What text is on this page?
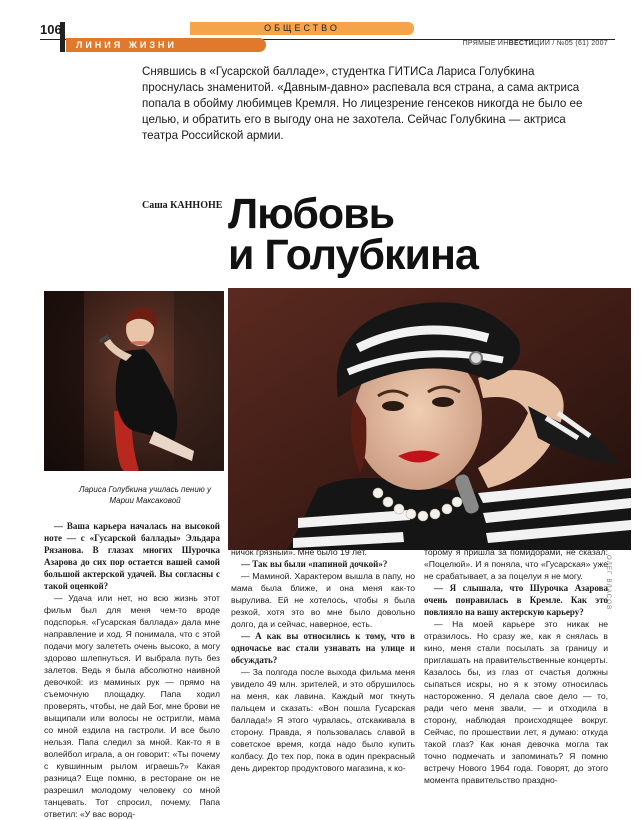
106	ОБЩЕСТВО
ЛИНИЯ ЖИЗНИ	ПРЯМЫЕ ИНВЕСТИЦИИ / №05 (61) 2007
Снявшись в «Гусарской балладе», студентка ГИТИСа Лариса Голубкина проснулась знаменитой. «Давным-давно» распевала вся страна, а сама актриса попала в обойму любимцев Кремля. Но лицезрение генсеков никогда не было ее целью, и обратить его в выгоду она не захотела. Сейчас Голубкина — актриса театра Российской армии.
Саша КАННОНЕ Любовь
и Голубкина
Лариса Голубкина училась пению у Марии Максаковой
ОЛЕГ ВЛАСОВ

— Ваша карьера началась на высокой ноте — с «Гусарской баллады» Эльдара Рязанова. В глазах многих Шурочка Азарова до сих пор остается вашей самой большой актерской удачей. Вы согласны с такой оценкой?

— Удача или нет, но всю жизнь этот фильм был для меня чем-то вроде подспорья. «Гусарская баллада» дала мне направление и ход. Я понимала, что с этой подачи могу залететь очень высоко, а могу здорово шлепнуться. И выбрала путь без залетов. Ведь я была абсолютно наивной девочкой: из маминых рук — прямо на съемочную площадку. Папа ходил проверять, чтобы, не дай Бог, мне брови не выщипали или волосы не остригли, мама со мной ездила на гастроли. И все было нельзя. Папа следил за мной. Как-то я в волейбол играла, а он говорит: «Ты почему с кувшинным рылом играешь?» Какая разница? Еще помню, в ресторане он не разрешил молодому человеку со мной танцевать. Тот спросил, почему. Папа ответил: «У вас вород-

ничок грязный». Мне было 19 лет.

— Так вы были «папиной дочкой»?

— Маминой. Характером вышла в папу, но мама была ближе, и она меня как-то вырулива. Ей не хотелось, чтобы я была резкой, хотя это во мне было довольно долго, да и сейчас, наверное, есть.

— А как вы относились к тому, что в одночасье вас стали узнавать на улице и обсуждать?

— За полгода после выхода фильма меня увидело 49 млн. зрителей, и это обрушилось на меня, как лавина. Каждый мог ткнуть пальцем и сказать: «Вон пошла Гусарская баллада!» Я этого чуралась, отскакивала в сторону. Правда, я пользовалась славой в советское время, когда надо было купить колбасу. До тех пор, пока в один прекрасный день директор продуктового магазина, к ко-

торому я пришла за помидорами, не сказал: «Поцелюй». И я поняла, что «Гусарская» уже не срабатывает, а за поцелуи я не могу.

— Я слышала, что Шурочка Азарова очень понравилась в Кремле. Как это повлияло на вашу актерскую карьеру?

— На моей карьере это никак не отразилось. Но сразу же, как я снялась в кино, меня стали посылать за границу и приглашать на правительственные концерты. Казалось бы, из глаз от счастья должны сыпаться искры, но я к этому относилась настороженно. Я делала свое дело — то, ради чего меня звали, — и отходила в сторону, наблюдая происходящее вокруг. Сейчас, по прошествии лет, я думаю: откуда такой глаз? Как юная девочка могла так точно подмечать и запоминать? Я помню встречу Нового 1964 года. Говорят, до этого момента правительство праздно-
